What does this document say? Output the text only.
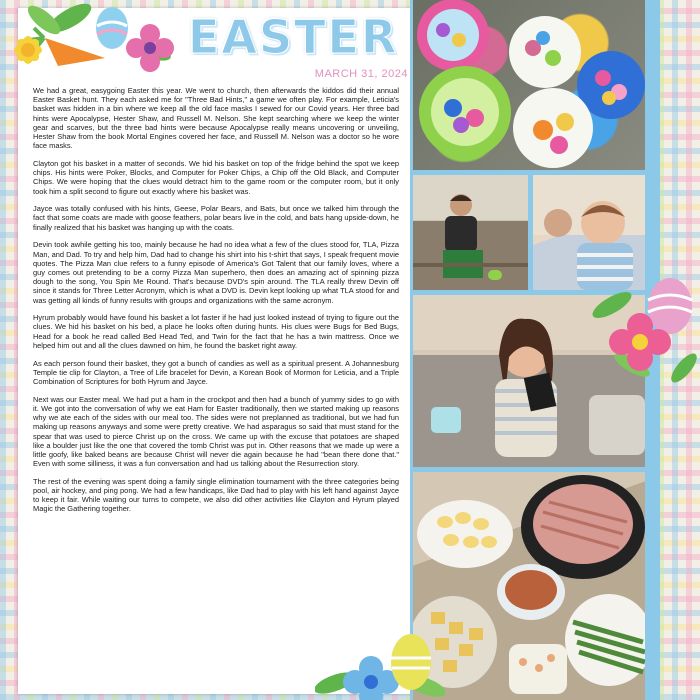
EASTER
MARCH 31, 2024

We had a great, easygoing Easter this year. We went to church, then afterwards the kiddos did their annual Easter Basket hunt. They each asked me for "Three Bad Hints," a game we often play. For example, Leticia's basket was hidden in a bin where we keep all the old face masks I sewed for our Covid years. Her three bad hints were Apocalypse, Hester Shaw, and Russell M. Nelson. She kept searching where we keep the winter gear and scarves, but the three bad hints were because Apocalypse really means uncovering or unveiling, Hester Shaw from the book Mortal Engines covered her face, and Russell M. Nelson was a doctor so he wore face masks.

Clayton got his basket in a matter of seconds. We hid his basket on top of the fridge behind the spot we keep chips. His hints were Poker, Blocks, and Computer for Poker Chips, a Chip off the Old Black, and Computer Chips. We were hoping that the clues would detract him to the game room or the computer room, but it only took him a split second to figure out exactly where his basket was.

Jayce was totally confused with his hints, Geese, Polar Bears, and Bats, but once we talked him through the fact that some coats are made with goose feathers, polar bears live in the cold, and bats hang upside-down, he finally realized that his basket was hanging up with the coats.

Devin took awhile getting his too, mainly because he had no idea what a few of the clues stood for, TLA, Pizza Man, and Dad. To try and help him, Dad had to change his shirt into his t-shirt that says, I speak frequent movie quotes. The Pizza Man clue refers to a funny episode of America's Got Talent that our family loves, where a guy comes out pretending to be a corny Pizza Man superhero, then does an amazing act of spinning pizza dough to the song, You Spin Me Round. That's because DVD's spin around. The TLA really threw Devin off since it stands for Three Letter Acronym, which is what a DVD is. Devin kept looking up what TLA stood for and was getting all kinds of funny results with groups and organizations with the same acronym.

Hyrum probably would have found his basket a lot faster if he had just looked instead of trying to figure out the clues. We hid his basket on his bed, a place he looks often during hunts. His clues were Bugs for Bed Bugs, Head for a book he read called Bed Head Ted, and Twin for the fact that he has a twin mattress. Once we helped him out and all the clues dawned on him, he found the basket right away.

As each person found their basket, they got a bunch of candies as well as a spiritual present. A Johannesburg Temple tie clip for Clayton, a Tree of Life bracelet for Devin, a Korean Book of Mormon for Leticia, and a Triple Combination of Scriptures for both Hyrum and Jayce.

Next was our Easter meal. We had put a ham in the crockpot and then had a bunch of yummy sides to go with it. We got into the conversation of why we eat Ham for Easter traditionally, then we started making up reasons why we ate each of the sides with our meal too. The sides were not preplanned as traditional, but we had fun making up reasons anyways and some were pretty creative. We had asparagus so said that must stand for the spear that was used to pierce Christ up on the cross. We came up with the excuse that potatoes are shaped like a boulder just like the one that covered the tomb Christ was put in. Other reasons that we made up were a little goofy, like baked beans are because Christ will never die again because he had "bean there done that." Even with some silliness, it was a fun conversation and had us talking about the Resurrection story.

The rest of the evening was spent doing a family single elimination tournament with the three categories being pool, air hockey, and ping pong. We had a few handicaps, like Dad had to play with his left hand against Jayce to keep it fair. While waiting our turns to compete, we also did other activities like Clayton and Hyrum played Magic the Gathering together.
